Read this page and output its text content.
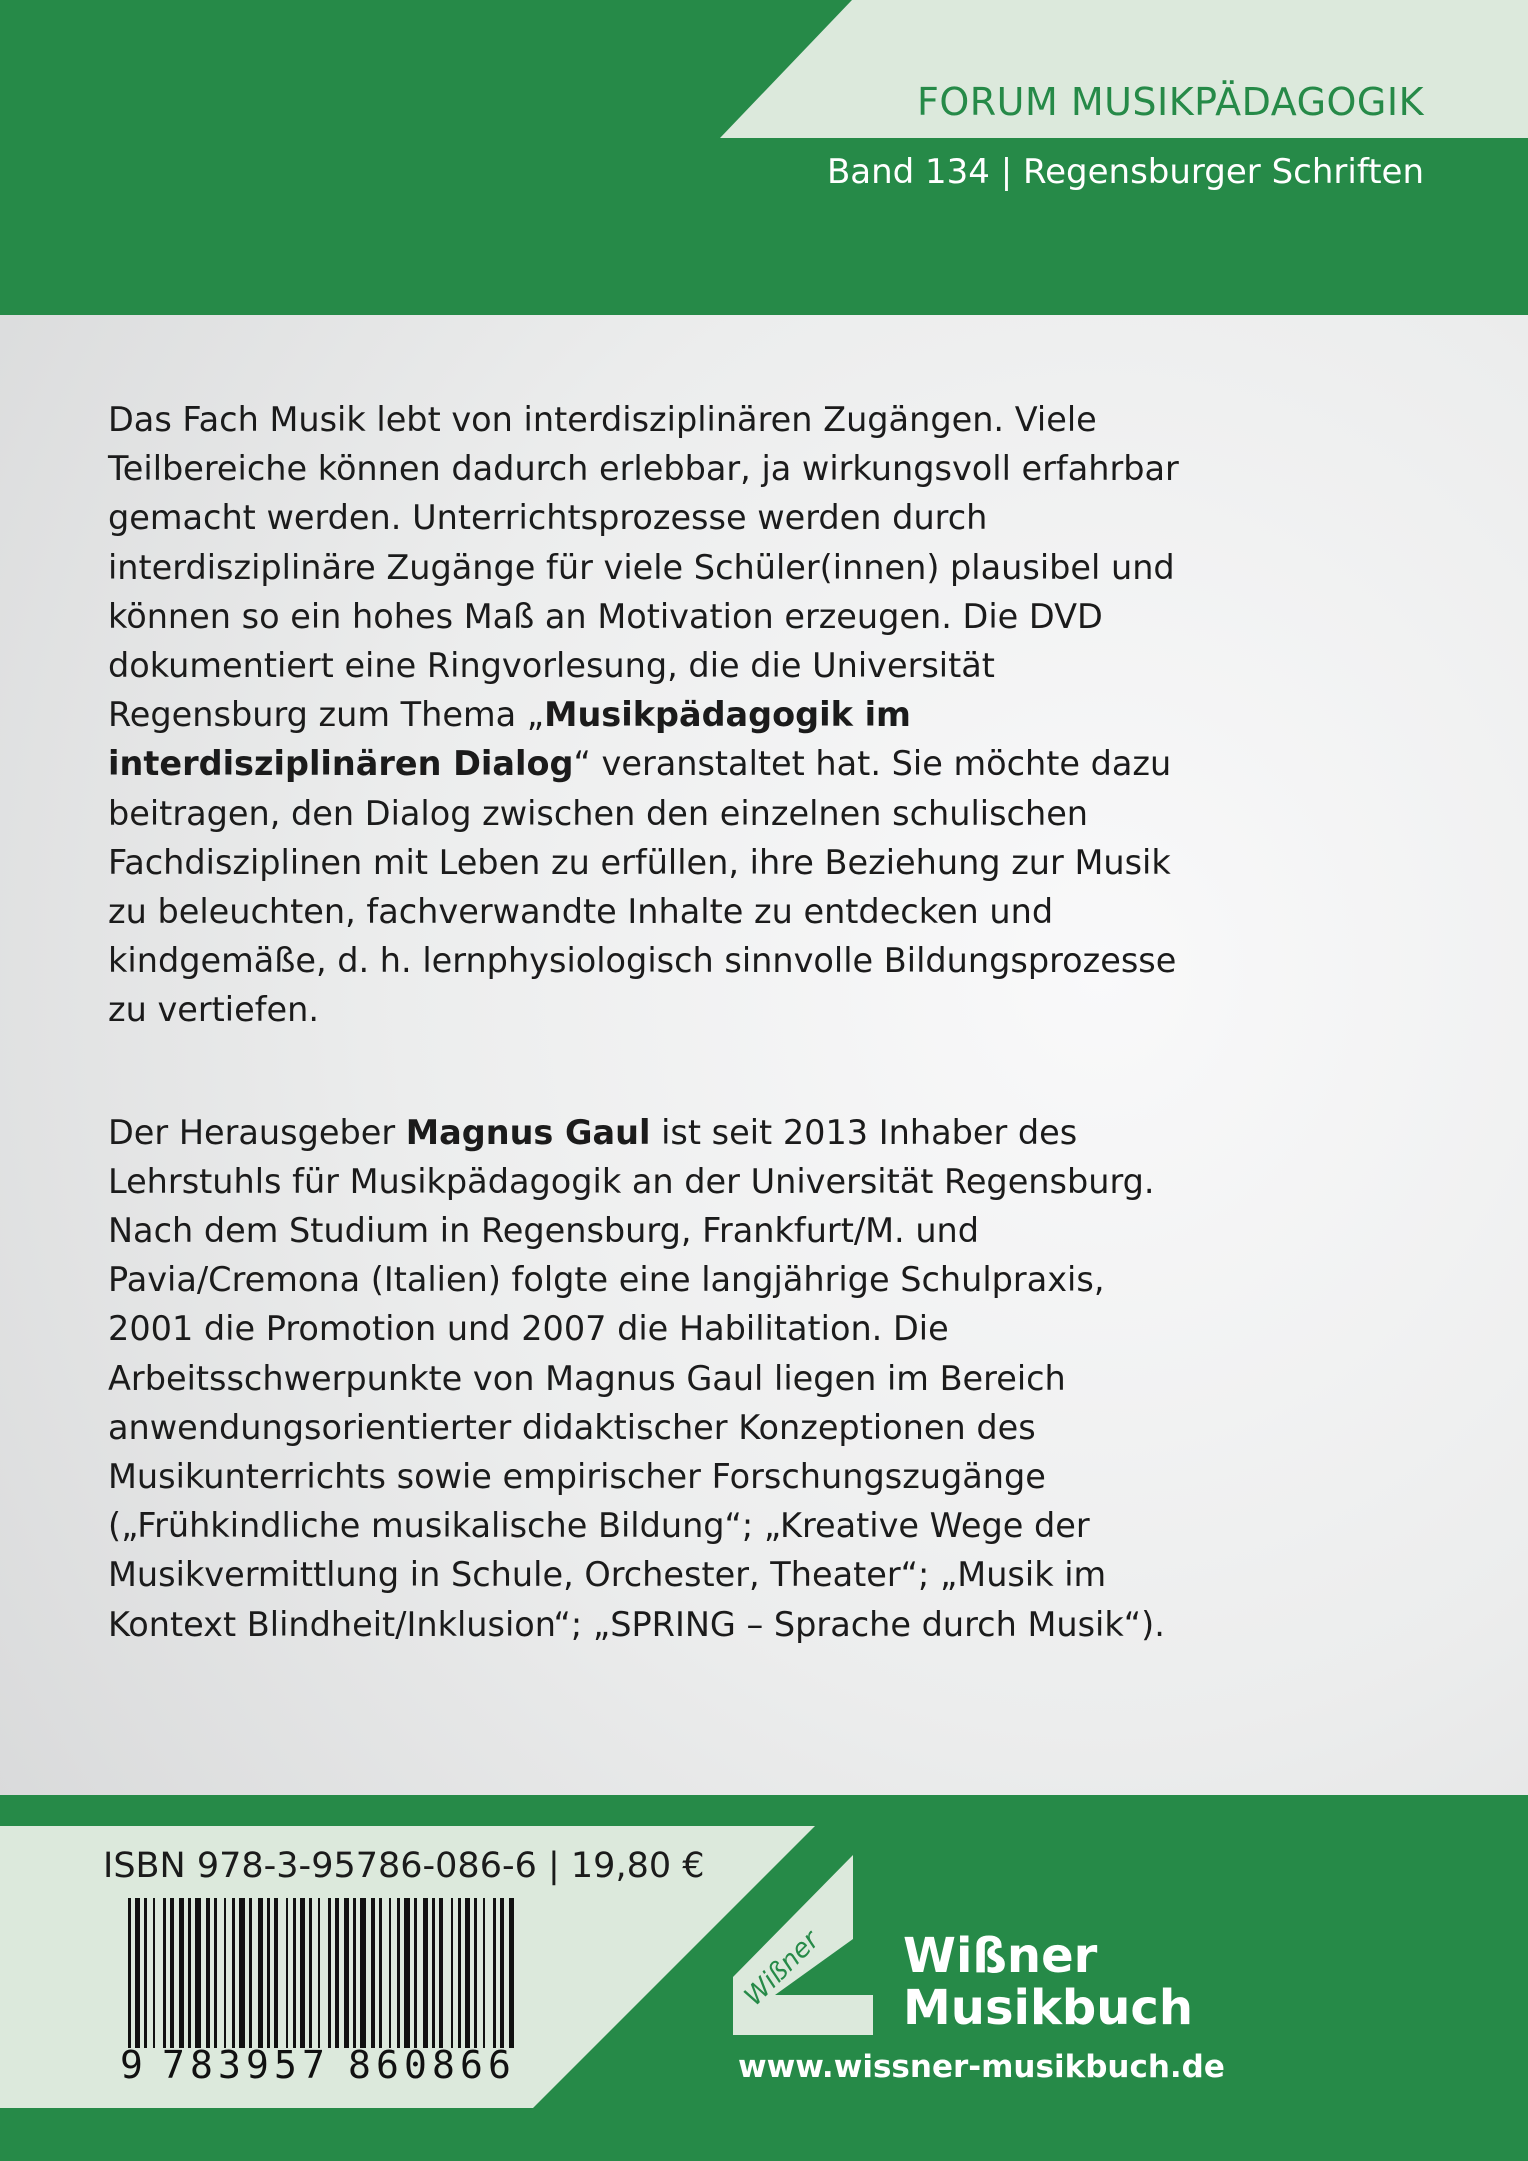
FORUM MUSIKPÄDAGOGIK
Band 134 | Regensburger Schriften

Das Fach Musik lebt von interdisziplinären Zugängen. Viele Teilbereiche können dadurch erlebbar, ja wirkungsvoll erfahrbar gemacht werden. Unterrichtsprozesse werden durch interdisziplinäre Zugänge für viele Schüler(innen) plausibel und können so ein hohes Maß an Motivation erzeugen. Die DVD dokumentiert eine Ringvorlesung, die die Universität Regensburg zum Thema „Musikpädagogik im interdisziplinären Dialog“ veranstaltet hat. Sie möchte dazu beitragen, den Dialog zwischen den einzelnen schulischen Fachdisziplinen mit Leben zu erfüllen, ihre Beziehung zur Musik zu beleuchten, fachverwandte Inhalte zu entdecken und kindgemäße, d. h. lernphysiologisch sinnvolle Bildungsprozesse zu vertiefen.

Der Herausgeber Magnus Gaul ist seit 2013 Inhaber des Lehrstuhls für Musikpädagogik an der Universität Regensburg. Nach dem Studium in Regensburg, Frankfurt/M. und Pavia/Cremona (Italien) folgte eine langjährige Schulpraxis, 2001 die Promotion und 2007 die Habilitation. Die Arbeitsschwerpunkte von Magnus Gaul liegen im Bereich anwendungsorientierter didaktischer Konzeptionen des Musikunterrichts sowie empirischer Forschungszugänge („Frühkindliche musikalische Bildung“; „Kreative Wege der Musikvermittlung in Schule, Orchester, Theater“; „Musik im Kontext Blindheit/Inklusion“; „SPRING – Sprache durch Musik“).

ISBN 978-3-95786-086-6 | 19,80 €
9 7 8 3 9 5 7 8 6 0 8 6 6
Wißner Wißner
Musikbuch
www.wissner-musikbuch.de
